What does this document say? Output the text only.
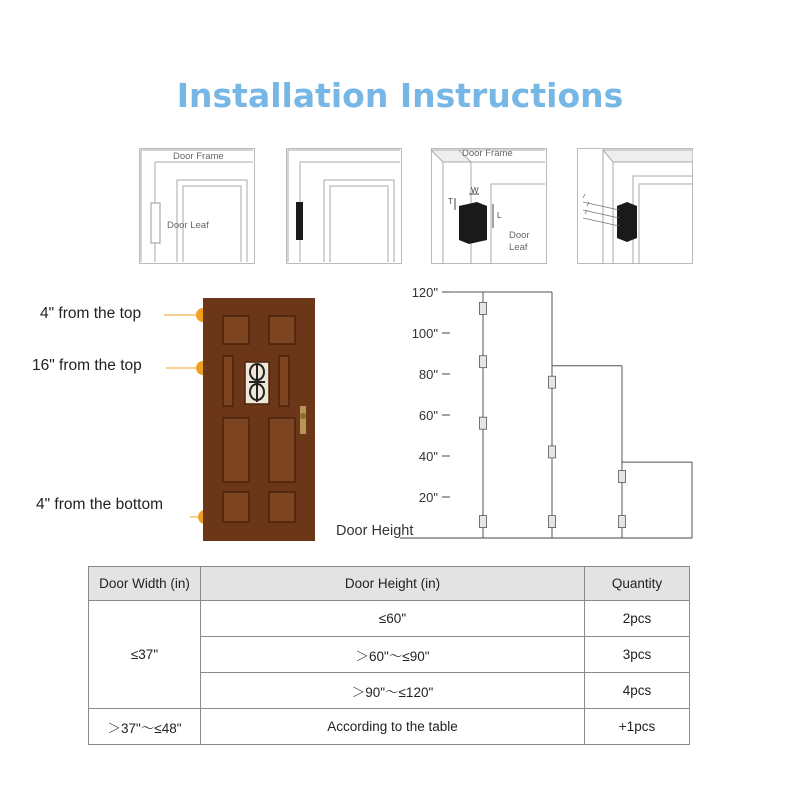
Installation Instructions
Door Frame
Door Leaf
Door Frame
T
W
L
Door
Leaf
4" from the top
16" from the top
4" from the bottom
120"
100"
80"
60"
40"
20"
Door Height
Door Width (in)	Door Height (in)	Quantity
≤37"	≤60"	2pcs
	＞60"～≤90"	3pcs
	＞90"～≤120"	4pcs
＞37"～≤48"	According to the table	+1pcs
